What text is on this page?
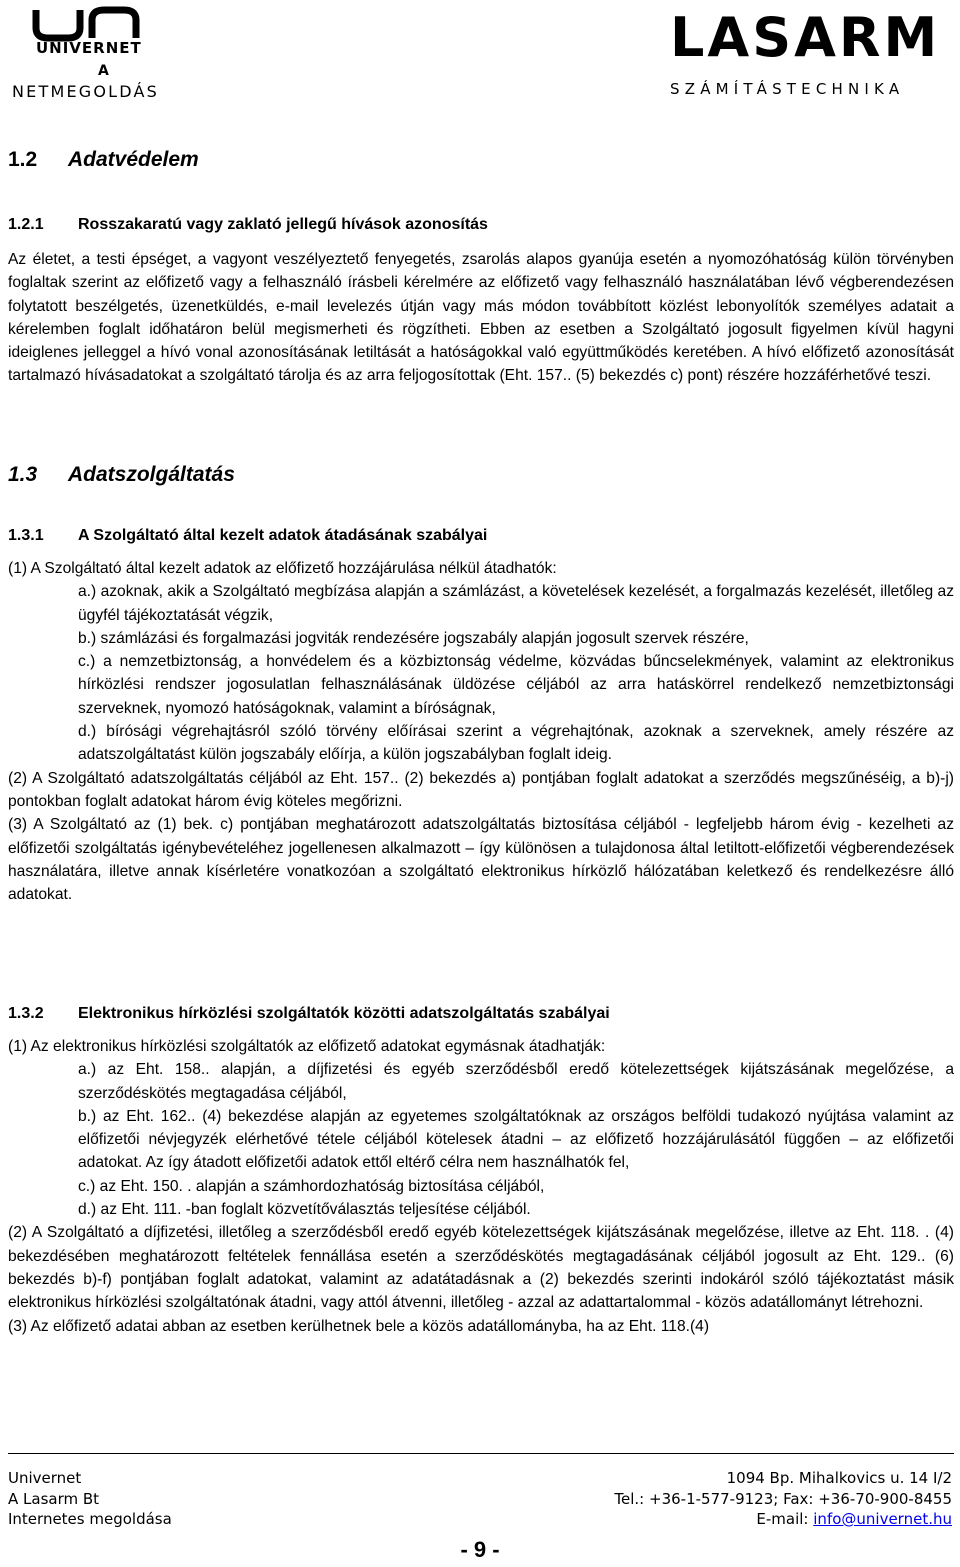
UNIVERNET
A
NETMEGOLDÁS
LASARM
SZÁMÍTÁSTECHNIKA
1.2 Adatvédelem
1.2.1 Rosszakaratú vagy zaklató jellegű hívások azonosítás

Az életet, a testi épséget, a vagyont veszélyeztető fenyegetés, zsarolás alapos gyanúja esetén a nyomozóhatóság külön törvényben foglaltak szerint az előfizető vagy a felhasználó írásbeli kérelmére az előfizető vagy felhasználó használatában lévő végberendezésen folytatott beszélgetés, üzenetküldés, e-mail levelezés útján vagy más módon továbbított közlést lebonyolítók személyes adatait a kérelemben foglalt időhatáron belül megismerheti és rögzítheti. Ebben az esetben a Szolgáltató jogosult figyelmen kívül hagyni ideiglenes jelleggel a hívó vonal azonosításának letiltását a hatóságokkal való együttműködés keretében. A hívó előfizető azonosítását tartalmazó hívásadatokat a szolgáltató tárolja és az arra feljogosítottak (Eht. 157.. (5) bekezdés c) pont) részére hozzáférhetővé teszi.

1.3 Adatszolgáltatás
1.3.1 A Szolgáltató által kezelt adatok átadásának szabályai

(1) A Szolgáltató által kezelt adatok az előfizető hozzájárulása nélkül átadhatók:

a.) azoknak, akik a Szolgáltató megbízása alapján a számlázást, a követelések kezelését, a forgalmazás kezelését, illetőleg az ügyfél tájékoztatását végzik,

b.) számlázási és forgalmazási jogviták rendezésére jogszabály alapján jogosult szervek részére,

c.) a nemzetbiztonság, a honvédelem és a közbiztonság védelme, közvádas bűncselekmények, valamint az elektronikus hírközlési rendszer jogosulatlan felhasználásának üldözése céljából az arra hatáskörrel rendelkező nemzetbiztonsági szerveknek, nyomozó hatóságoknak, valamint a bíróságnak,

d.) bírósági végrehajtásról szóló törvény előírásai szerint a végrehajtónak, azoknak a szerveknek, amely részére az adatszolgáltatást külön jogszabály előírja, a külön jogszabályban foglalt ideig.

(2) A Szolgáltató adatszolgáltatás céljából az Eht. 157.. (2) bekezdés a) pontjában foglalt adatokat a szerződés megszűnéséig, a b)-j) pontokban foglalt adatokat három évig köteles megőrizni.

(3) A Szolgáltató az (1) bek. c) pontjában meghatározott adatszolgáltatás biztosítása céljából - legfeljebb három évig - kezelheti az előfizetői szolgáltatás igénybevételéhez jogellenesen alkalmazott – így különösen a tulajdonosa által letiltott-előfizetői végberendezések használatára, illetve annak kísérletére vonatkozóan a szolgáltató elektronikus hírközlő hálózatában keletkező és rendelkezésre álló adatokat.

1.3.2 Elektronikus hírközlési szolgáltatók közötti adatszolgáltatás szabályai

(1) Az elektronikus hírközlési szolgáltatók az előfizető adatokat egymásnak átadhatják:

a.) az Eht. 158.. alapján, a díjfizetési és egyéb szerződésből eredő kötelezettségek kijátszásának megelőzése, a szerződéskötés megtagadása céljából,

b.) az Eht. 162.. (4) bekezdése alapján az egyetemes szolgáltatóknak az országos belföldi tudakozó nyújtása valamint az előfizetői névjegyzék elérhetővé tétele céljából kötelesek átadni – az előfizető hozzájárulásától függően – az előfizetői adatokat. Az így átadott előfizetői adatok ettől eltérő célra nem használhatók fel,

c.) az Eht. 150. . alapján a számhordozhatóság biztosítása céljából,

d.) az Eht. 111. -ban foglalt közvetítőválasztás teljesítése céljából.

(2) A Szolgáltató a díjfizetési, illetőleg a szerződésből eredő egyéb kötelezettségek kijátszásának megelőzése, illetve az Eht. 118. . (4) bekezdésében meghatározott feltételek fennállása esetén a szerződéskötés megtagadásának céljából jogosult az Eht. 129.. (6) bekezdés b)-f) pontjában foglalt adatokat, valamint az adatátadásnak a (2) bekezdés szerinti indokáról szóló tájékoztatást másik elektronikus hírközlési szolgáltatónak átadni, vagy attól átvenni, illetőleg - azzal az adattartalommal - közös adatállományt létrehozni.

(3) Az előfizető adatai abban az esetben kerülhetnek bele a közös adatállományba, ha az Eht. 118.(4)

Univernet
A Lasarm Bt
Internetes megoldása
1094 Bp. Mihalkovics u. 14 I/2
Tel.: +36-1-577-9123; Fax: +36-70-900-8455
E-mail: info@univernet.hu
- 9 -
